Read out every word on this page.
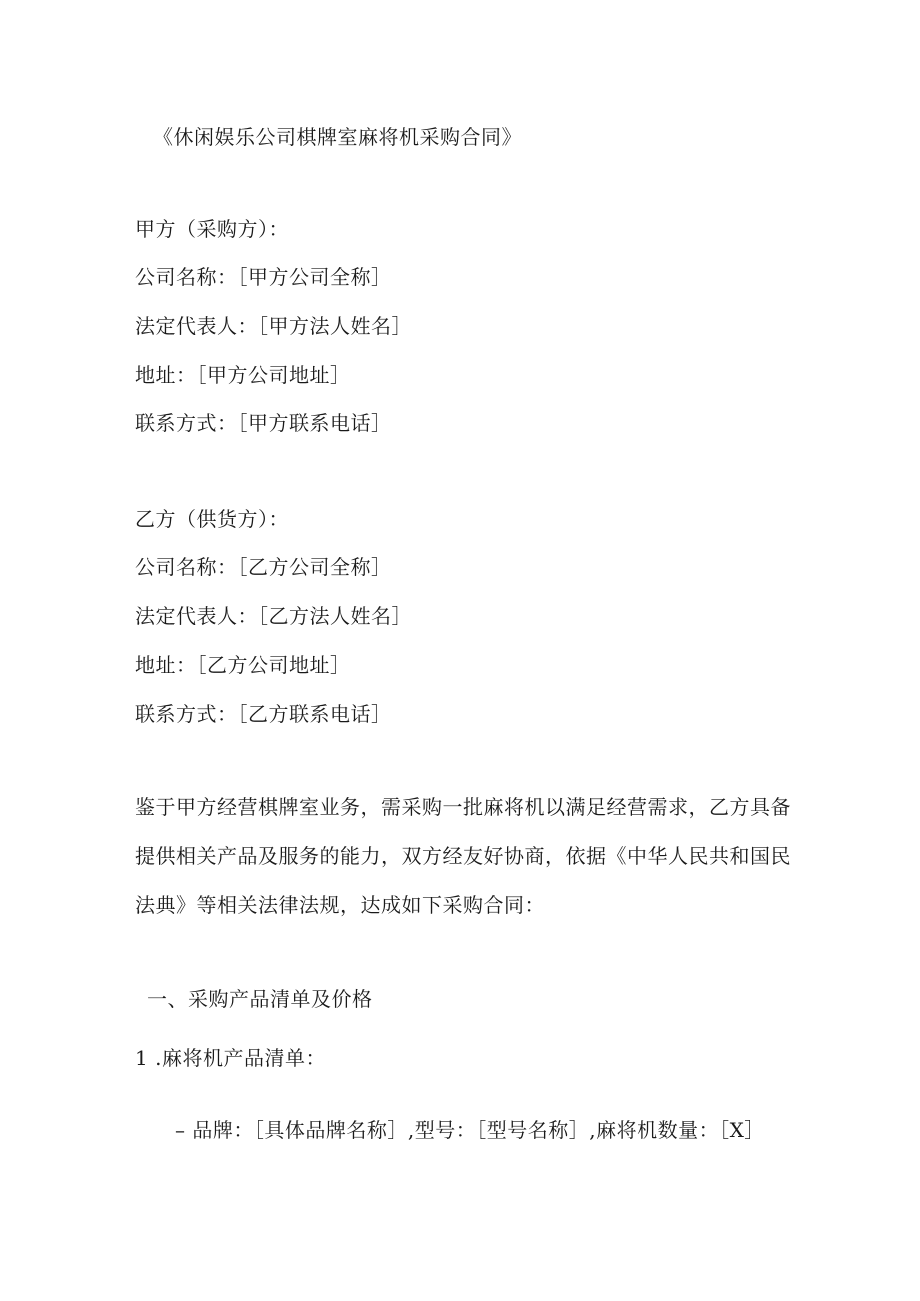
《休闲娱乐公司棋牌室麻将机采购合同》
甲方（采购方）：
公司名称：［甲方公司全称］
法定代表人：［甲方法人姓名］
地址：［甲方公司地址］
联系方式：［甲方联系电话］
乙方（供货方）：
公司名称：［乙方公司全称］
法定代表人：［乙方法人姓名］
地址：［乙方公司地址］
联系方式：［乙方联系电话］
鉴于甲方经营棋牌室业务，需采购一批麻将机以满足经营需求，乙方具备
提供相关产品及服务的能力，双方经友好协商，依据《中华人民共和国民
法典》等相关法律法规，达成如下采购合同：
一、采购产品清单及价格
1 .麻将机产品清单：
– 品牌：［具体品牌名称］,型号：［型号名称］,麻将机数量：［X］
